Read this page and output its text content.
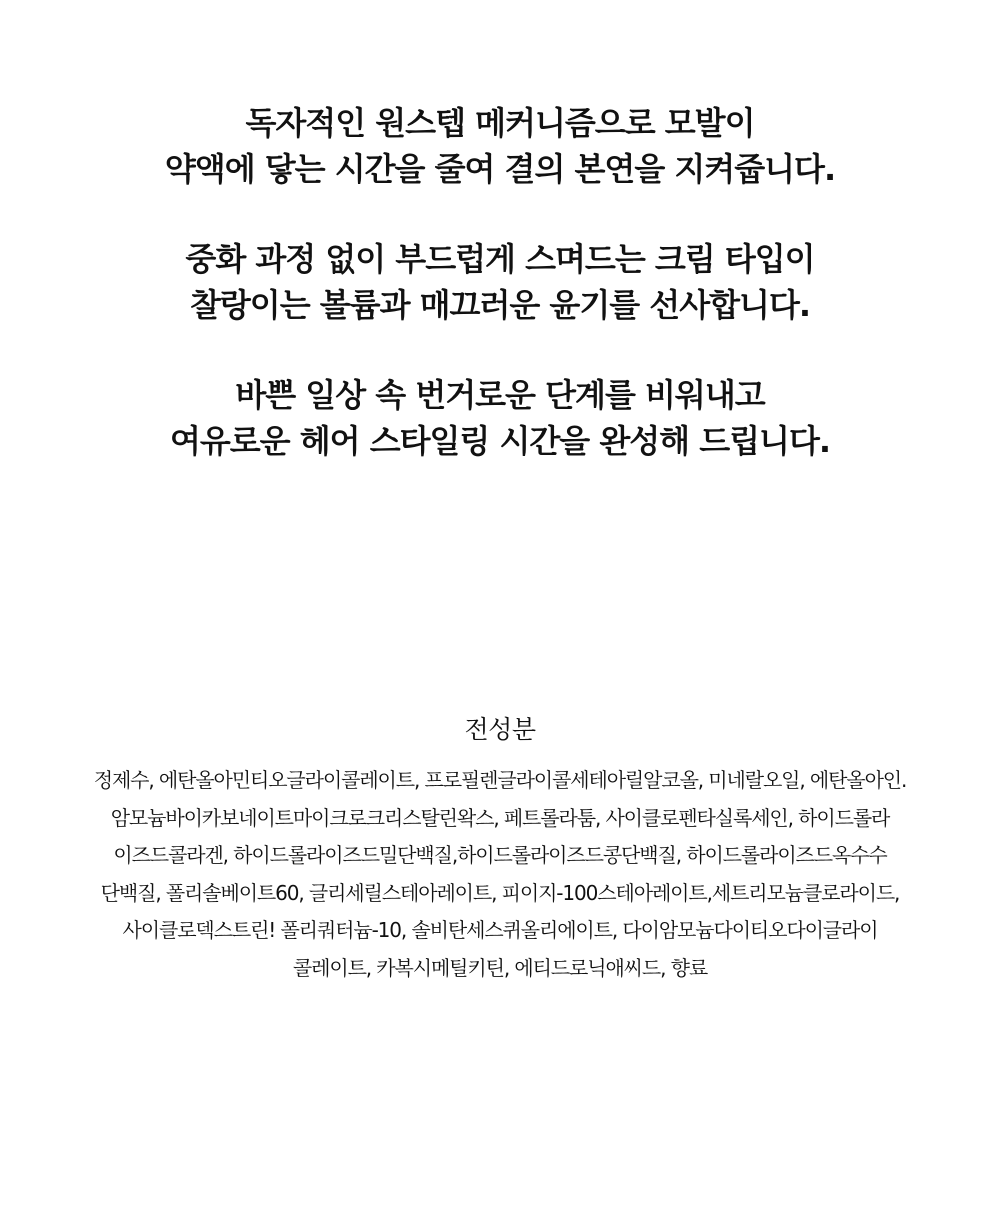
독자적인 원스텝 메커니즘으로 모발이
약액에 닿는 시간을 줄여 결의 본연을 지켜줍니다.

중화 과정 없이 부드럽게 스며드는 크림 타입이
찰랑이는 볼륨과 매끄러운 윤기를 선사합니다.

바쁜 일상 속 번거로운 단계를 비워내고
여유로운 헤어 스타일링 시간을 완성해 드립니다.

전성분
정제수, 에탄올아민티오글라이콜레이트, 프로필렌글라이콜세테아릴알코올, 미네랄오일, 에탄올아인.
암모늄바이카보네이트마이크로크리스탈린왁스, 페트롤라툼, 사이클로펜타실록세인, 하이드롤라
이즈드콜라겐, 하이드롤라이즈드밀단백질,하이드롤라이즈드콩단백질, 하이드롤라이즈드옥수수
단백질, 폴리솔베이트60, 글리세릴스테아레이트, 피이지-100스테아레이트,세트리모늄클로라이드,
사이클로덱스트린! 폴리쿼터늄-10, 솔비탄세스퀴올리에이트, 다이암모늄다이티오다이글라이
콜레이트, 카복시메틸키틴, 에티드로닉애씨드, 향료
